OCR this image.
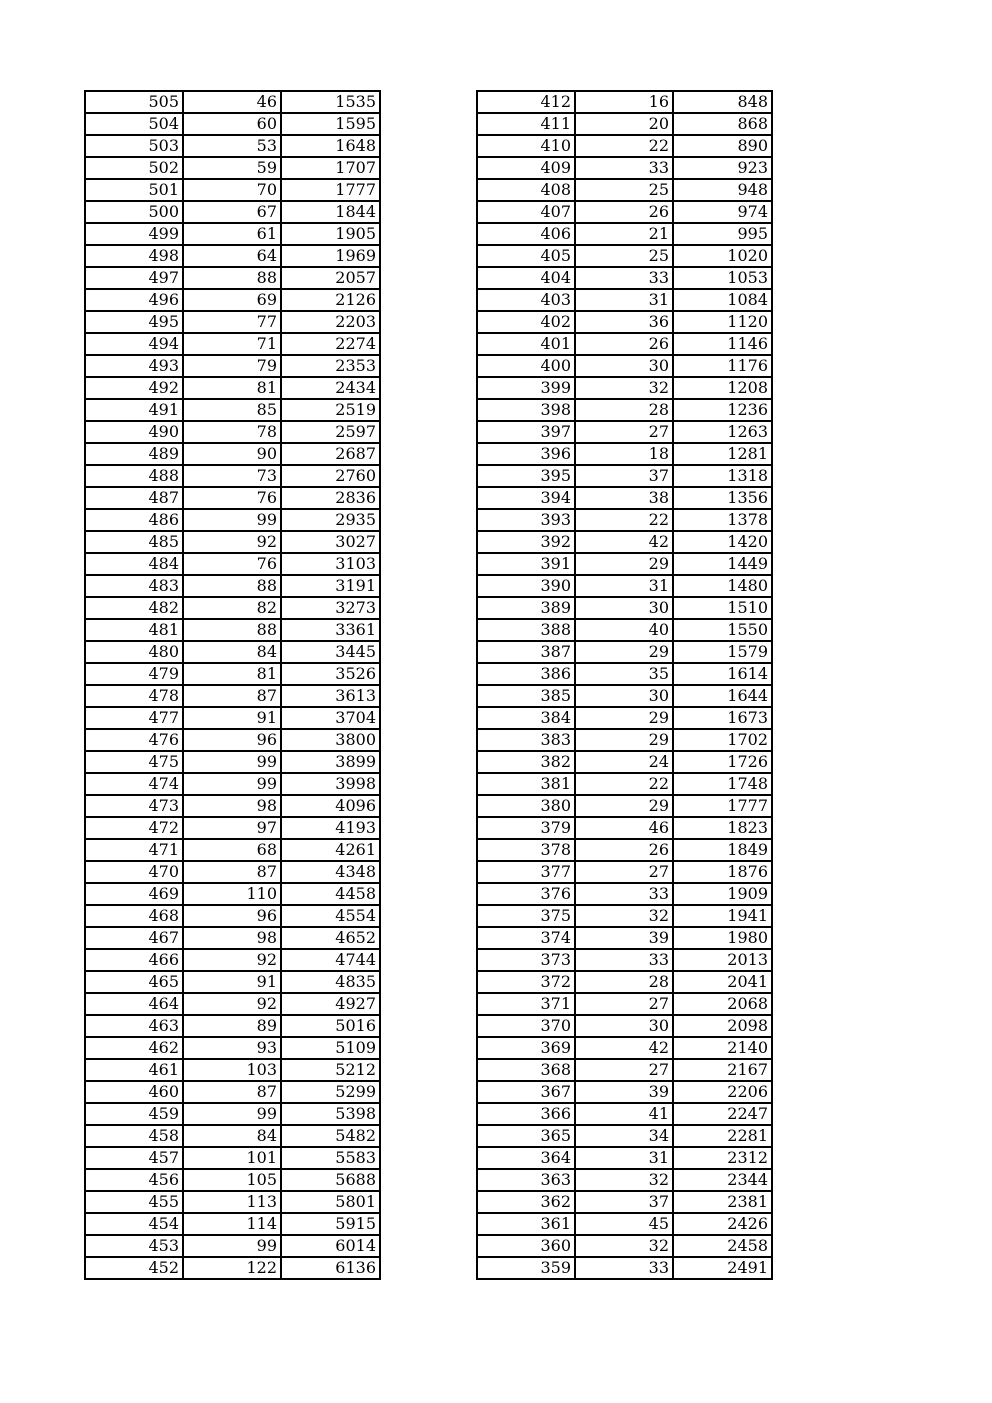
505	46	1535
504	60	1595
503	53	1648
502	59	1707
501	70	1777
500	67	1844
499	61	1905
498	64	1969
497	88	2057
496	69	2126
495	77	2203
494	71	2274
493	79	2353
492	81	2434
491	85	2519
490	78	2597
489	90	2687
488	73	2760
487	76	2836
486	99	2935
485	92	3027
484	76	3103
483	88	3191
482	82	3273
481	88	3361
480	84	3445
479	81	3526
478	87	3613
477	91	3704
476	96	3800
475	99	3899
474	99	3998
473	98	4096
472	97	4193
471	68	4261
470	87	4348
469	110	4458
468	96	4554
467	98	4652
466	92	4744
465	91	4835
464	92	4927
463	89	5016
462	93	5109
461	103	5212
460	87	5299
459	99	5398
458	84	5482
457	101	5583
456	105	5688
455	113	5801
454	114	5915
453	99	6014
452	122	6136
412	16	848
411	20	868
410	22	890
409	33	923
408	25	948
407	26	974
406	21	995
405	25	1020
404	33	1053
403	31	1084
402	36	1120
401	26	1146
400	30	1176
399	32	1208
398	28	1236
397	27	1263
396	18	1281
395	37	1318
394	38	1356
393	22	1378
392	42	1420
391	29	1449
390	31	1480
389	30	1510
388	40	1550
387	29	1579
386	35	1614
385	30	1644
384	29	1673
383	29	1702
382	24	1726
381	22	1748
380	29	1777
379	46	1823
378	26	1849
377	27	1876
376	33	1909
375	32	1941
374	39	1980
373	33	2013
372	28	2041
371	27	2068
370	30	2098
369	42	2140
368	27	2167
367	39	2206
366	41	2247
365	34	2281
364	31	2312
363	32	2344
362	37	2381
361	45	2426
360	32	2458
359	33	2491
